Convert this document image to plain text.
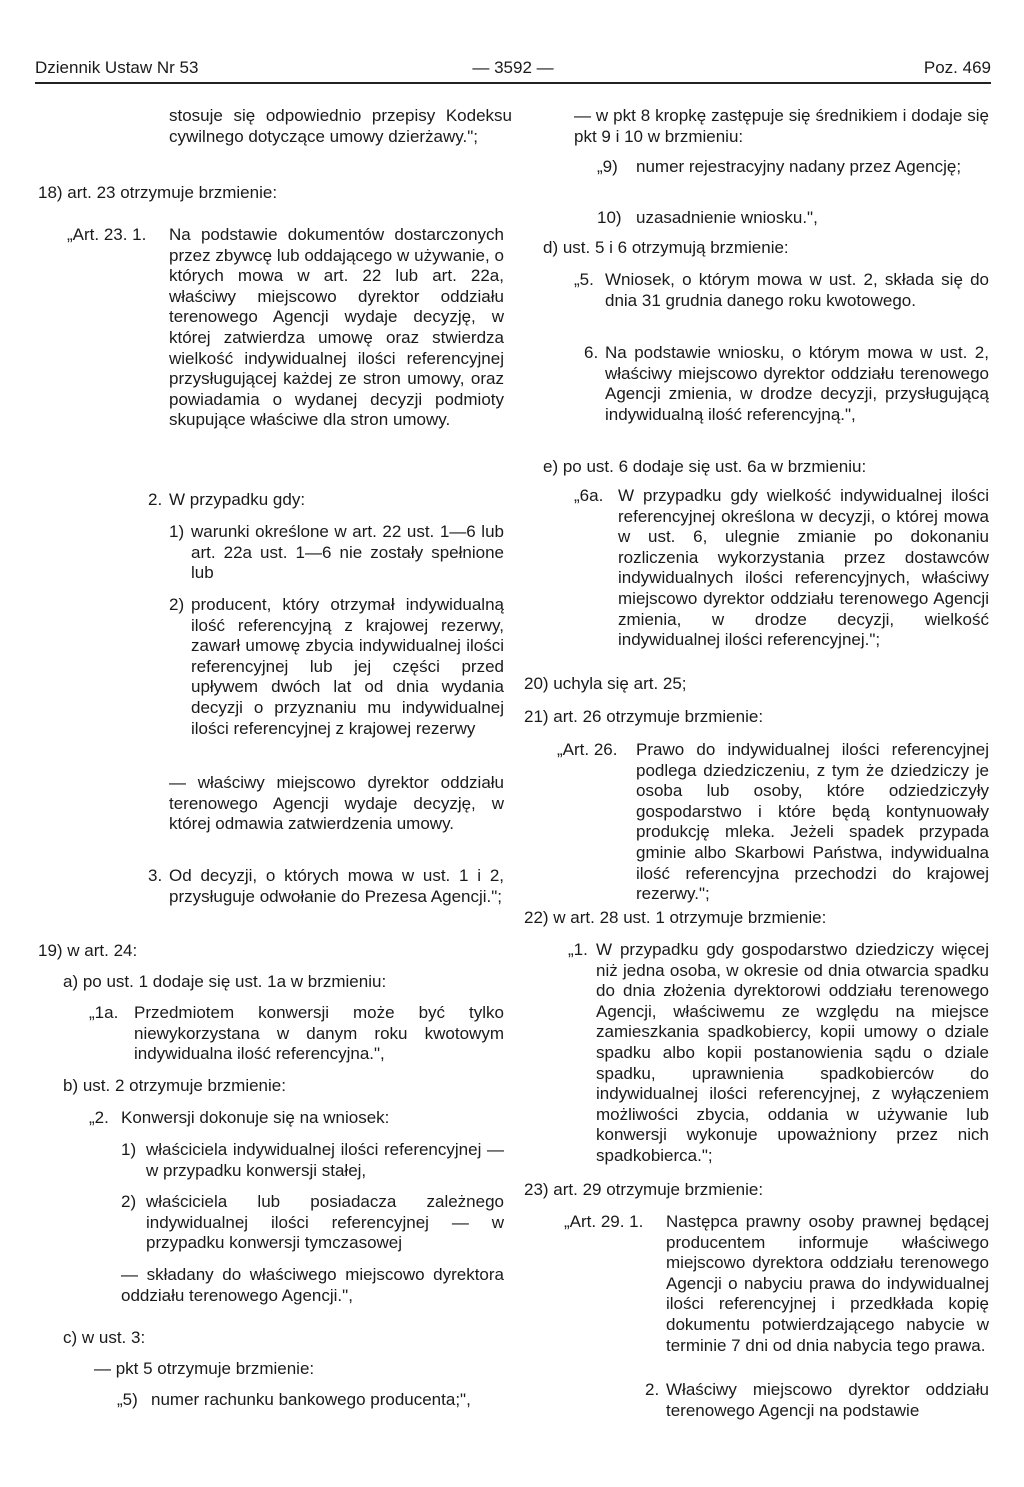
Dziennik Ustaw Nr 53	— 3592 —	Poz. 469
stosuje się odpowiednio przepisy Kodeksu cywilnego dotyczące umowy dzierżawy.";
18) art. 23 otrzymuje brzmienie:
„Art. 23. 1. Na podstawie dokumentów dostarczonych przez zbywcę lub oddającego w używanie, o których mowa w art. 22 lub art. 22a, właściwy miejscowo dyrektor oddziału terenowego Agencji wydaje decyzję, w której zatwierdza umowę oraz stwierdza wielkość indywidualnej ilości referencyjnej przysługującej każdej ze stron umowy, oraz powiadamia o wydanej decyzji podmioty skupujące właściwe dla stron umowy.
2. W przypadku gdy:
1) warunki określone w art. 22 ust. 1—6 lub art. 22a ust. 1—6 nie zostały spełnione lub
2) producent, który otrzymał indywidualną ilość referencyjną z krajowej rezerwy, zawarł umowę zbycia indywidualnej ilości referencyjnej lub jej części przed upływem dwóch lat od dnia wydania decyzji o przyznaniu mu indywidualnej ilości referencyjnej z krajowej rezerwy
— właściwy miejscowo dyrektor oddziału terenowego Agencji wydaje decyzję, w której odmawia zatwierdzenia umowy.
3. Od decyzji, o których mowa w ust. 1 i 2, przysługuje odwołanie do Prezesa Agencji.";
19) w art. 24:
a) po ust. 1 dodaje się ust. 1a w brzmieniu:
„1a. Przedmiotem konwersji może być tylko niewykorzystana w danym roku kwotowym indywidualna ilość referencyjna.",
b) ust. 2 otrzymuje brzmienie:
„2. Konwersji dokonuje się na wniosek:
1) właściciela indywidualnej ilości referencyjnej — w przypadku konwersji stałej,
2) właściciela lub posiadacza zależnego indywidualnej ilości referencyjnej — w przypadku konwersji tymczasowej
— składany do właściwego miejscowo dyrektora oddziału terenowego Agencji.",
c) w ust. 3:
— pkt 5 otrzymuje brzmienie:
„5) numer rachunku bankowego producenta;",
— w pkt 8 kropkę zastępuje się średnikiem i dodaje się pkt 9 i 10 w brzmieniu:
„9) numer rejestracyjny nadany przez Agencję;
10) uzasadnienie wniosku.",
d) ust. 5 i 6 otrzymują brzmienie:
„5. Wniosek, o którym mowa w ust. 2, składa się do dnia 31 grudnia danego roku kwotowego.
6. Na podstawie wniosku, o którym mowa w ust. 2, właściwy miejscowo dyrektor oddziału terenowego Agencji zmienia, w drodze decyzji, przysługującą indywidualną ilość referencyjną.",
e) po ust. 6 dodaje się ust. 6a w brzmieniu:
„6a. W przypadku gdy wielkość indywidualnej ilości referencyjnej określona w decyzji, o której mowa w ust. 6, ulegnie zmianie po dokonaniu rozliczenia wykorzystania przez dostawców indywidualnych ilości referencyjnych, właściwy miejscowo dyrektor oddziału terenowego Agencji zmienia, w drodze decyzji, wielkość indywidualnej ilości referencyjnej.";
20) uchyla się art. 25;
21) art. 26 otrzymuje brzmienie:
„Art. 26. Prawo do indywidualnej ilości referencyjnej podlega dziedziczeniu, z tym że dziedziczy je osoba lub osoby, które odziedziczyły gospodarstwo i które będą kontynuowały produkcję mleka. Jeżeli spadek przypada gminie albo Skarbowi Państwa, indywidualna ilość referencyjna przechodzi do krajowej rezerwy.";
22) w art. 28 ust. 1 otrzymuje brzmienie:
„1. W przypadku gdy gospodarstwo dziedziczy więcej niż jedna osoba, w okresie od dnia otwarcia spadku do dnia złożenia dyrektorowi oddziału terenowego Agencji, właściwemu ze względu na miejsce zamieszkania spadkobiercy, kopii umowy o dziale spadku albo kopii postanowienia sądu o dziale spadku, uprawnienia spadkobierców do indywidualnej ilości referencyjnej, z wyłączeniem możliwości zbycia, oddania w używanie lub konwersji wykonuje upoważniony przez nich spadkobierca.";
23) art. 29 otrzymuje brzmienie:
„Art. 29. 1. Następca prawny osoby prawnej będącej producentem informuje właściwego miejscowo dyrektora oddziału terenowego Agencji o nabyciu prawa do indywidualnej ilości referencyjnej i przedkłada kopię dokumentu potwierdzającego nabycie w terminie 7 dni od dnia nabycia tego prawa.
2. Właściwy miejscowo dyrektor oddziału terenowego Agencji na podstawie
